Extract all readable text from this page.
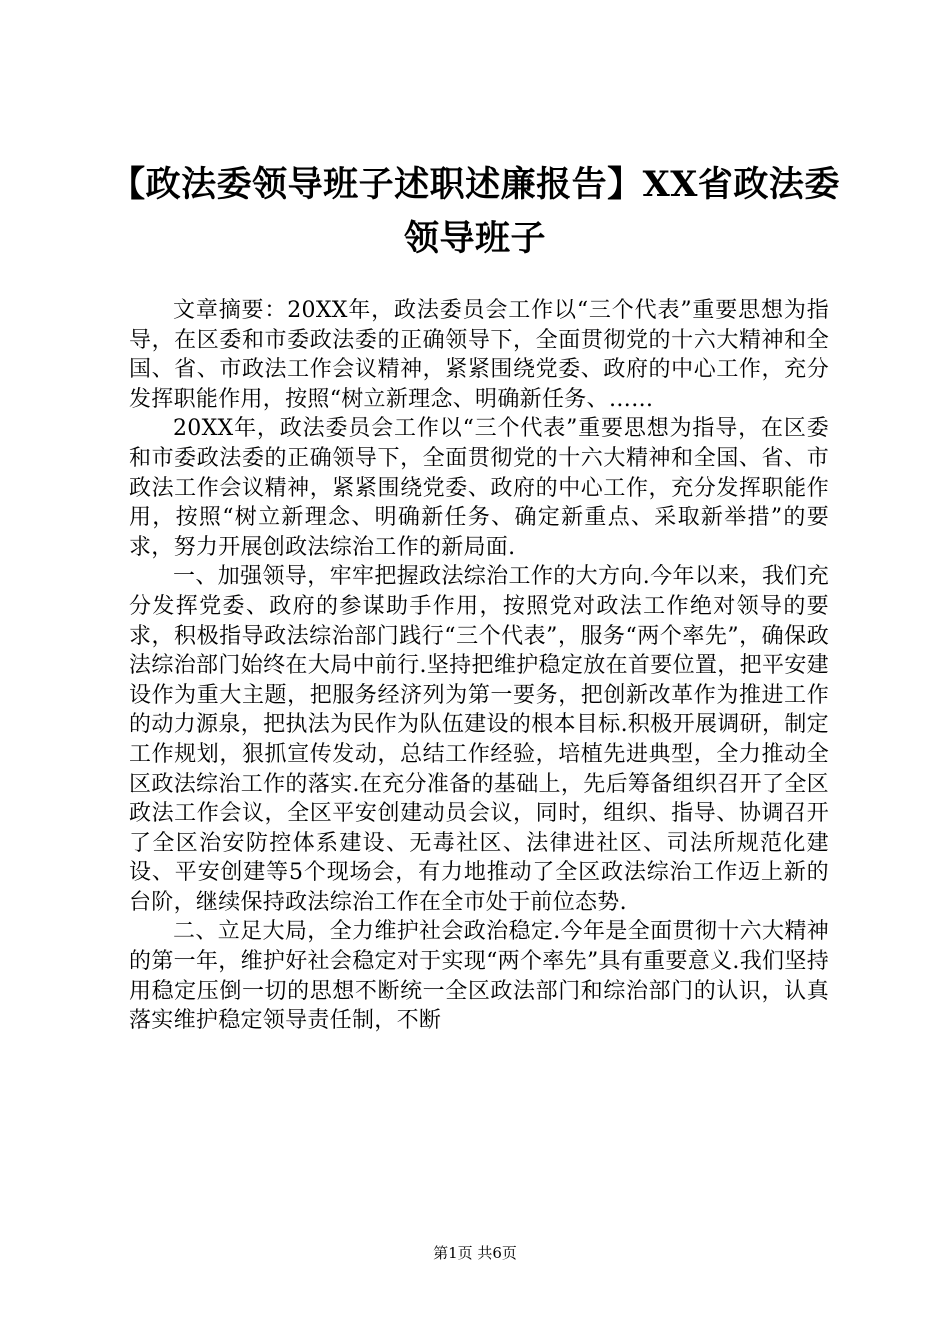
【政法委领导班子述职述廉报告】XX省政法委领导班子

文章摘要：20XX年，政法委员会工作以“三个代表”重要思想为指导，在区委和市委政法委的正确领导下，全面贯彻党的十六大精神和全国、省、市政法工作会议精神，紧紧围绕党委、政府的中心工作，充分发挥职能作用，按照“树立新理念、明确新任务、……

20XX年，政法委员会工作以“三个代表”重要思想为指导，在区委和市委政法委的正确领导下，全面贯彻党的十六大精神和全国、省、市政法工作会议精神，紧紧围绕党委、政府的中心工作，充分发挥职能作用，按照“树立新理念、明确新任务、确定新重点、采取新举措”的要求，努力开展创政法综治工作的新局面.

一、加强领导，牢牢把握政法综治工作的大方向.今年以来，我们充分发挥党委、政府的参谋助手作用，按照党对政法工作绝对领导的要求，积极指导政法综治部门践行“三个代表”，服务“两个率先”，确保政法综治部门始终在大局中前行.坚持把维护稳定放在首要位置，把平安建设作为重大主题，把服务经济列为第一要务，把创新改革作为推进工作的动力源泉，把执法为民作为队伍建设的根本目标.积极开展调研，制定工作规划，狠抓宣传发动，总结工作经验，培植先进典型，全力推动全区政法综治工作的落实.在充分准备的基础上，先后筹备组织召开了全区政法工作会议，全区平安创建动员会议，同时，组织、指导、协调召开了全区治安防控体系建设、无毒社区、法律进社区、司法所规范化建设、平安创建等5个现场会，有力地推动了全区政法综治工作迈上新的台阶，继续保持政法综治工作在全市处于前位态势.

二、立足大局，全力维护社会政治稳定.今年是全面贯彻十六大精神的第一年，维护好社会稳定对于实现“两个率先”具有重要意义.我们坚持用稳定压倒一切的思想不断统一全区政法部门和综治部门的认识，认真落实维护稳定领导责任制，不断

第1页 共6页
